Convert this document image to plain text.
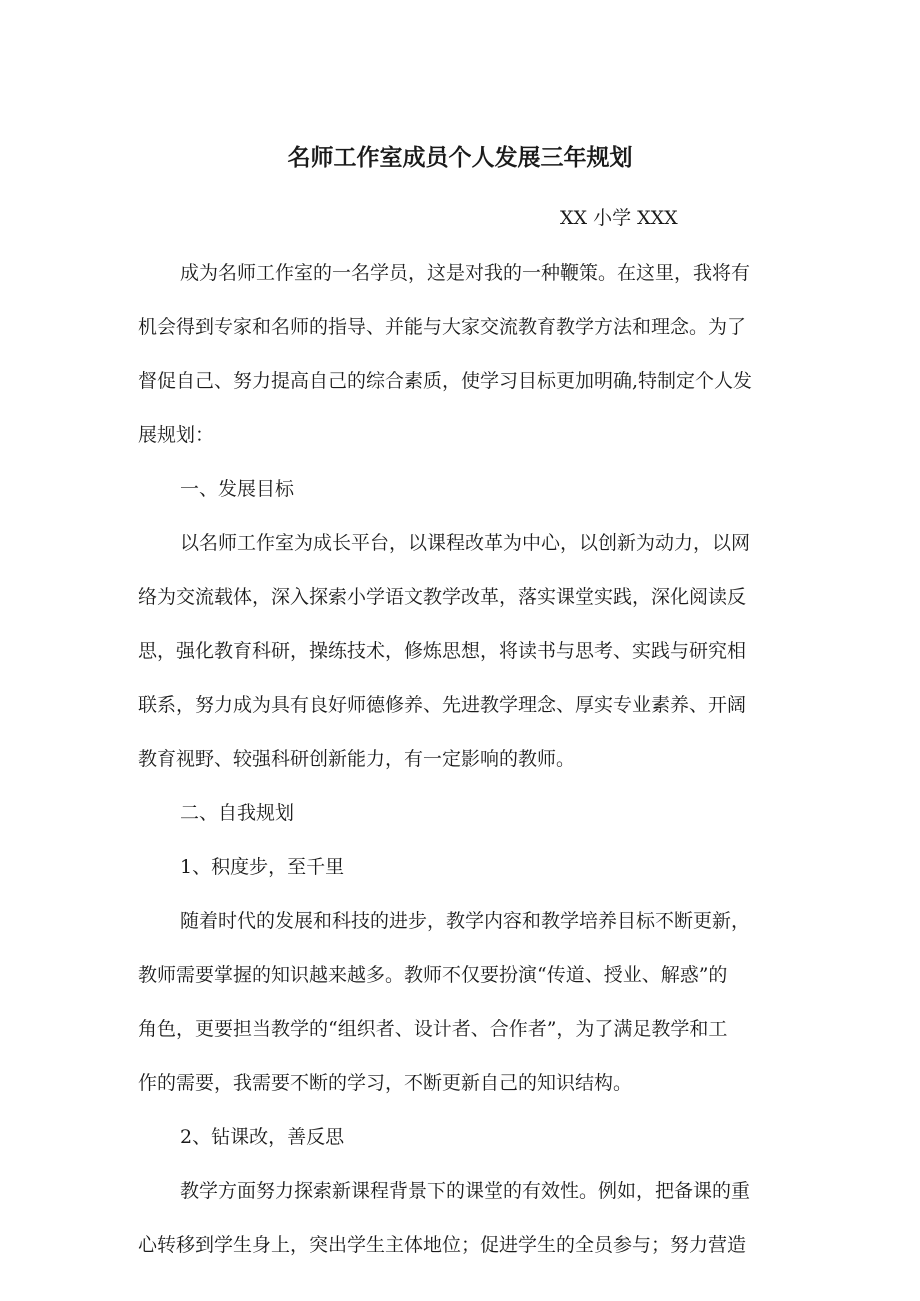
名师工作室成员个人发展三年规划
XX 小学 XXX
成为名师工作室的一名学员，这是对我的一种鞭策。在这里，我将有
机会得到专家和名师的指导、并能与大家交流教育教学方法和理念。为了
督促自己、努力提高自己的综合素质，使学习目标更加明确,特制定个人发
展规划：
一、发展目标
以名师工作室为成长平台，以课程改革为中心，以创新为动力，以网
络为交流载体，深入探索小学语文教学改革，落实课堂实践，深化阅读反
思，强化教育科研，操练技术，修炼思想，将读书与思考、实践与研究相
联系，努力成为具有良好师德修养、先进教学理念、厚实专业素养、开阔
教育视野、较强科研创新能力，有一定影响的教师。
二、自我规划
1、积度步，至千里
随着时代的发展和科技的进步，教学内容和教学培养目标不断更新，
教师需要掌握的知识越来越多。教师不仅要扮演“传道、授业、解惑”的
角色，更要担当教学的“组织者、设计者、合作者”，为了满足教学和工
作的需要，我需要不断的学习，不断更新自己的知识结构。
2、钻课改，善反思
教学方面努力探索新课程背景下的课堂的有效性。例如，把备课的重
心转移到学生身上，突出学生主体地位；促进学生的全员参与；努力营造
